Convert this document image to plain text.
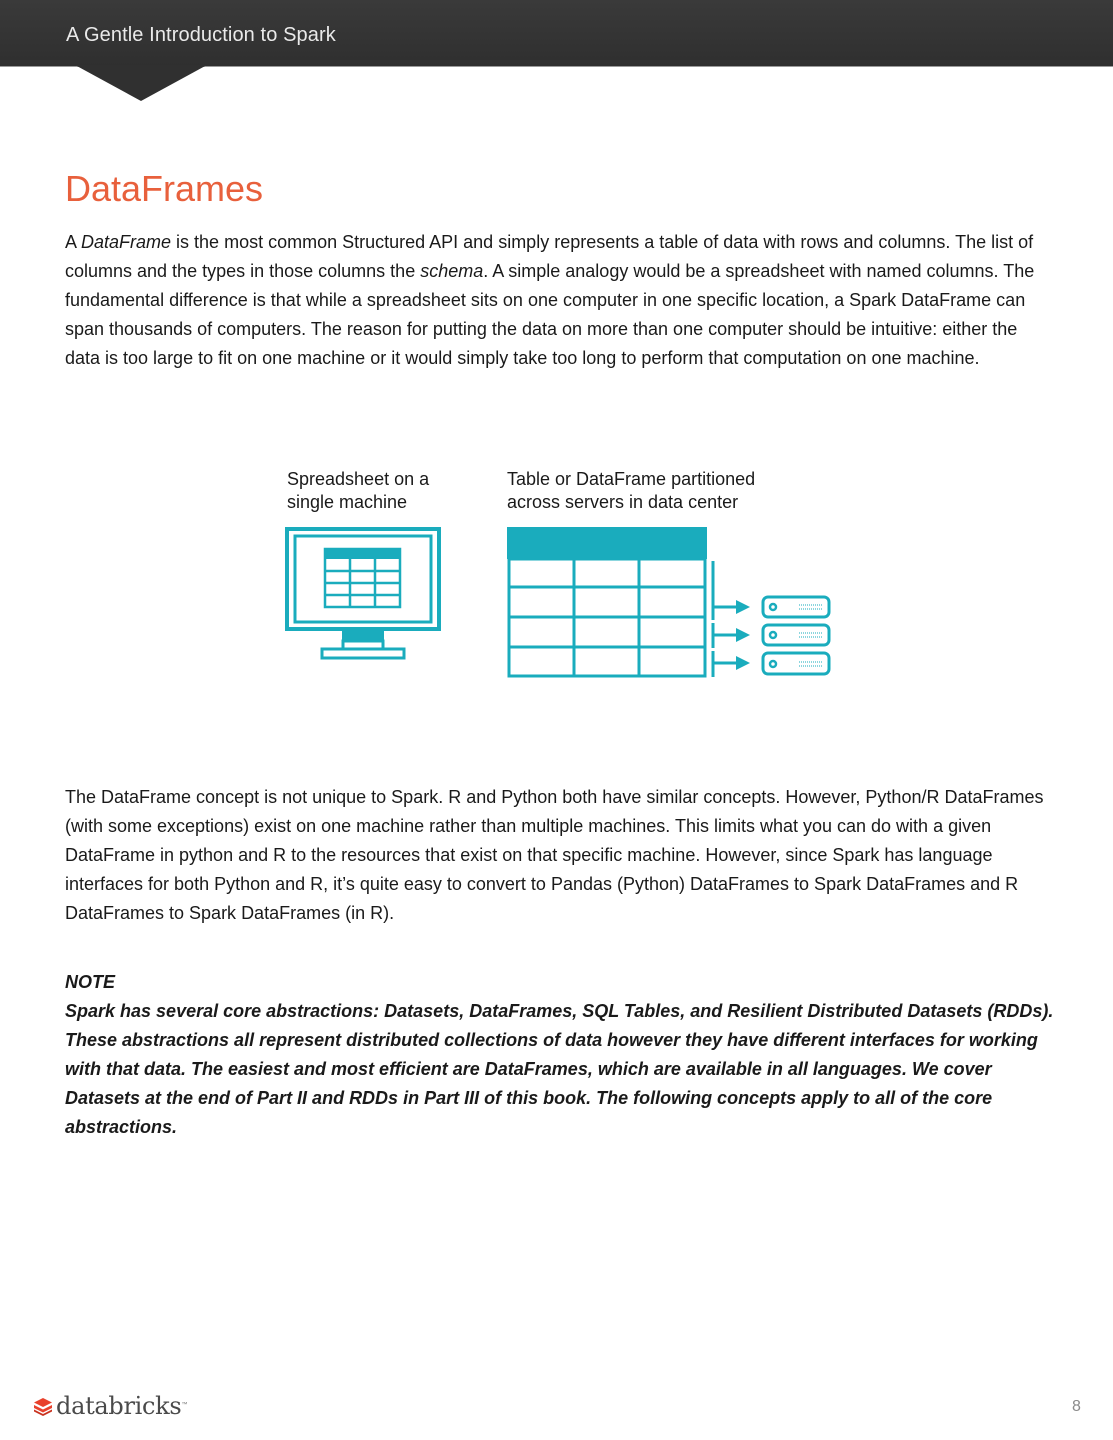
A Gentle Introduction to Spark
DataFrames

A DataFrame is the most common Structured API and simply represents a table of data with rows and columns. The list of columns and the types in those columns the schema. A simple analogy would be a spreadsheet with named columns. The fundamental difference is that while a spreadsheet sits on one computer in one specific location, a Spark DataFrame can span thousands of computers. The reason for putting the data on more than one computer should be intuitive: either the data is too large to fit on one machine or it would simply take too long to perform that computation on one machine.

Spreadsheet on a single machine
Table or DataFrame partitioned across servers in data center

The DataFrame concept is not unique to Spark. R and Python both have similar concepts. However, Python/R DataFrames (with some exceptions) exist on one machine rather than multiple machines. This limits what you can do with a given DataFrame in python and R to the resources that exist on that specific machine. However, since Spark has language interfaces for both Python and R, it’s quite easy to convert to Pandas (Python) DataFrames to Spark DataFrames and R DataFrames to Spark DataFrames (in R).

NOTE
Spark has several core abstractions: Datasets, DataFrames, SQL Tables, and Resilient Distributed Datasets (RDDs). These abstractions all represent distributed collections of data however they have different interfaces for working with that data. The easiest and most efficient are DataFrames, which are available in all languages. We cover Datasets at the end of Part II and RDDs in Part III of this book. The following concepts apply to all of the core abstractions.
databricks ™	8
